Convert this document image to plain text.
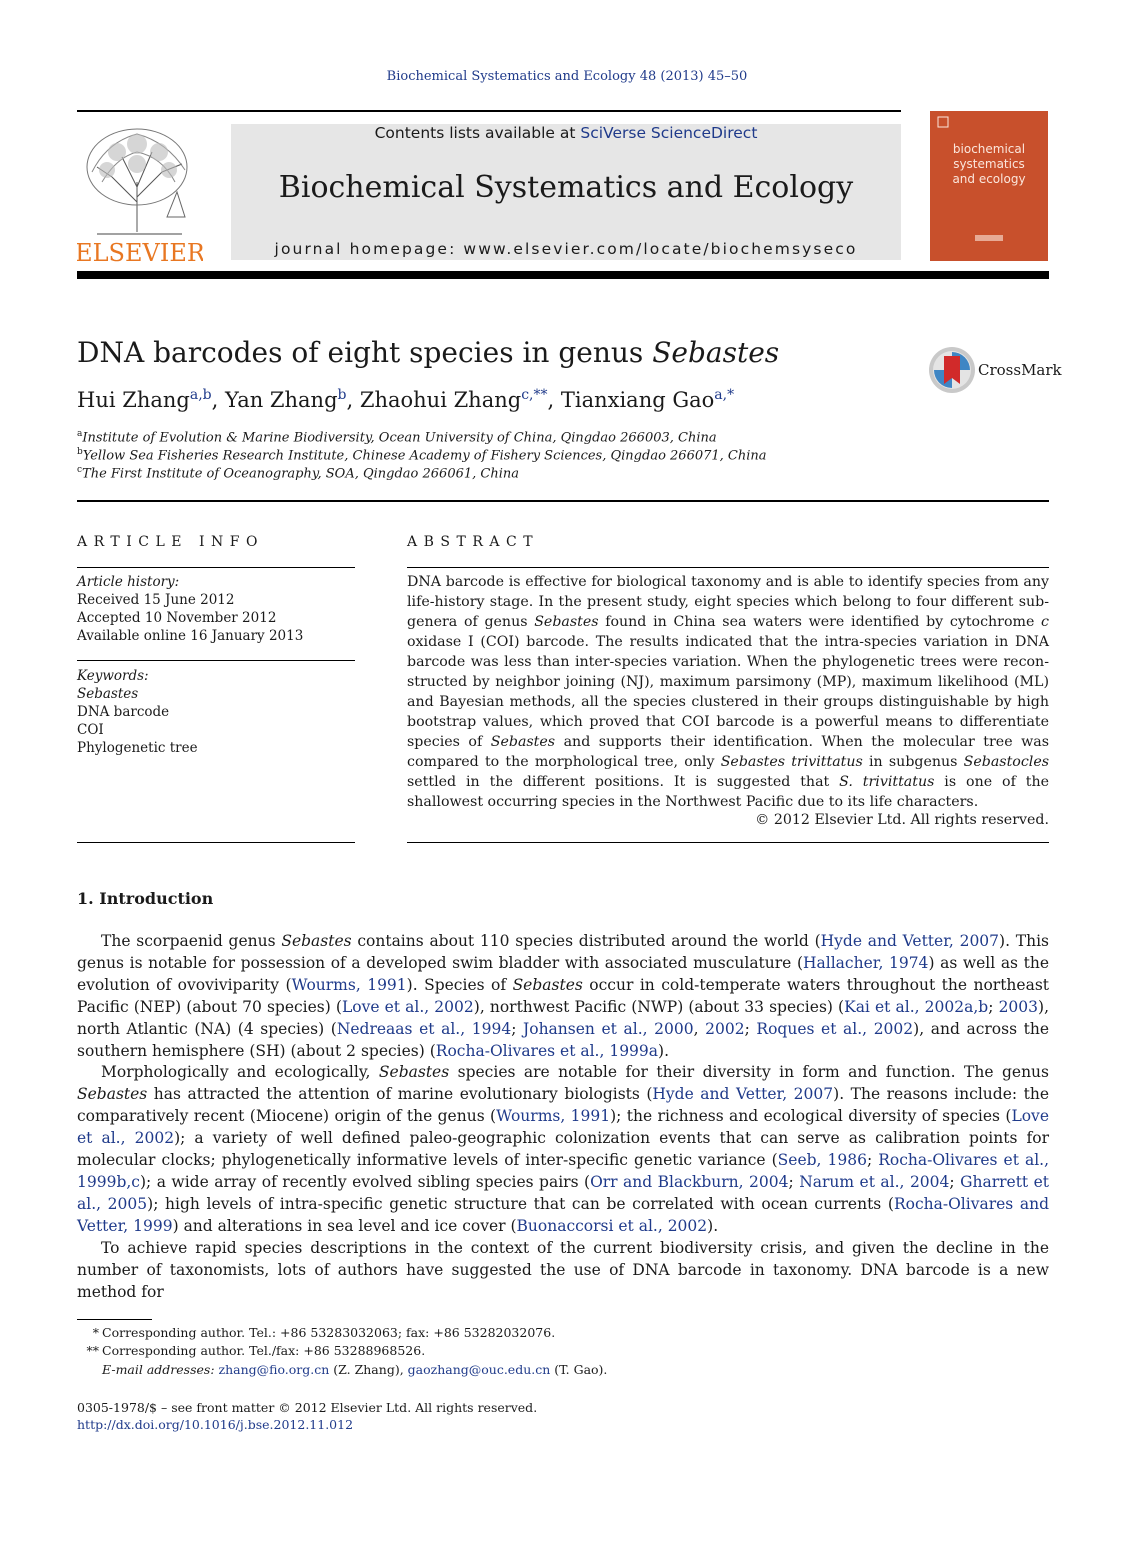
Biochemical Systematics and Ecology 48 (2013) 45–50
ELSEVIER
Contents lists available at SciVerse ScienceDirect
Biochemical Systematics and Ecology
journal homepage: www.elsevier.com/locate/biochemsyseco
biochemical
systematics
and ecology
DNA barcodes of eight species in genus Sebastes
CrossMark
Hui Zhang$^{a,b}$, Yan Zhang$^b$, Zhaohui Zhang$^{c,**}$, Tianxiang Gao$^{a,*}$
$^a$Institute of Evolution & Marine Biodiversity, Ocean University of China, Qingdao 266003, China
$^b$Yellow Sea Fisheries Research Institute, Chinese Academy of Fishery Sciences, Qingdao 266071, China
$^c$The First Institute of Oceanography, SOA, Qingdao 266061, China
ARTICLE INFO	ABSTRACT
Article history:
Received 15 June 2012
Accepted 10 November 2012
Available online 16 January 2013
Keywords:
Sebastes
DNA barcode
COI
Phylogenetic tree
DNA barcode is effective for biological taxonomy and is able to identify species from any life-history stage. In the present study, eight species which belong to four different sub-genera of genus Sebastes found in China sea waters were identified by cytochrome c oxidase I (COI) barcode. The results indicated that the intra-species variation in DNA barcode was less than inter-species variation. When the phylogenetic trees were recon-structed by neighbor joining (NJ), maximum parsimony (MP), maximum likelihood (ML) and Bayesian methods, all the species clustered in their groups distinguishable by high bootstrap values, which proved that COI barcode is a powerful means to differentiate species of Sebastes and supports their identification. When the molecular tree was compared to the morphological tree, only Sebastes trivittatus in subgenus Sebastocles settled in the different positions. It is suggested that S. trivittatus is one of the shallowest occurring species in the Northwest Pacific due to its life characters.
© 2012 Elsevier Ltd. All rights reserved.
1. Introduction

The scorpaenid genus Sebastes contains about 110 species distributed around the world (Hyde and Vetter, 2007). This genus is notable for possession of a developed swim bladder with associated musculature (Hallacher, 1974) as well as the evolution of ovoviviparity (Wourms, 1991). Species of Sebastes occur in cold-temperate waters throughout the northeast Pacific (NEP) (about 70 species) (Love et al., 2002), northwest Pacific (NWP) (about 33 species) (Kai et al., 2002a,b; 2003), north Atlantic (NA) (4 species) (Nedreaas et al., 1994; Johansen et al., 2000, 2002; Roques et al., 2002), and across the southern hemisphere (SH) (about 2 species) (Rocha-Olivares et al., 1999a).

Morphologically and ecologically, Sebastes species are notable for their diversity in form and function. The genus Sebastes has attracted the attention of marine evolutionary biologists (Hyde and Vetter, 2007). The reasons include: the comparatively recent (Miocene) origin of the genus (Wourms, 1991); the richness and ecological diversity of species (Love et al., 2002); a variety of well defined paleo-geographic colonization events that can serve as calibration points for molecular clocks; phylogenetically informative levels of inter-specific genetic variance (Seeb, 1986; Rocha-Olivares et al., 1999b,c); a wide array of recently evolved sibling species pairs (Orr and Blackburn, 2004; Narum et al., 2004; Gharrett et al., 2005); high levels of intra-specific genetic structure that can be correlated with ocean currents (Rocha-Olivares and Vetter, 1999) and alterations in sea level and ice cover (Buonaccorsi et al., 2002).

To achieve rapid species descriptions in the context of the current biodiversity crisis, and given the decline in the number of taxonomists, lots of authors have suggested the use of DNA barcode in taxonomy. DNA barcode is a new method for

* Corresponding author. Tel.: +86 53283032063; fax: +86 53282032076.
** Corresponding author. Tel./fax: +86 53288968526.
E-mail addresses: zhang@fio.org.cn (Z. Zhang), gaozhang@ouc.edu.cn (T. Gao).
0305-1978/$ – see front matter © 2012 Elsevier Ltd. All rights reserved.
http://dx.doi.org/10.1016/j.bse.2012.11.012
